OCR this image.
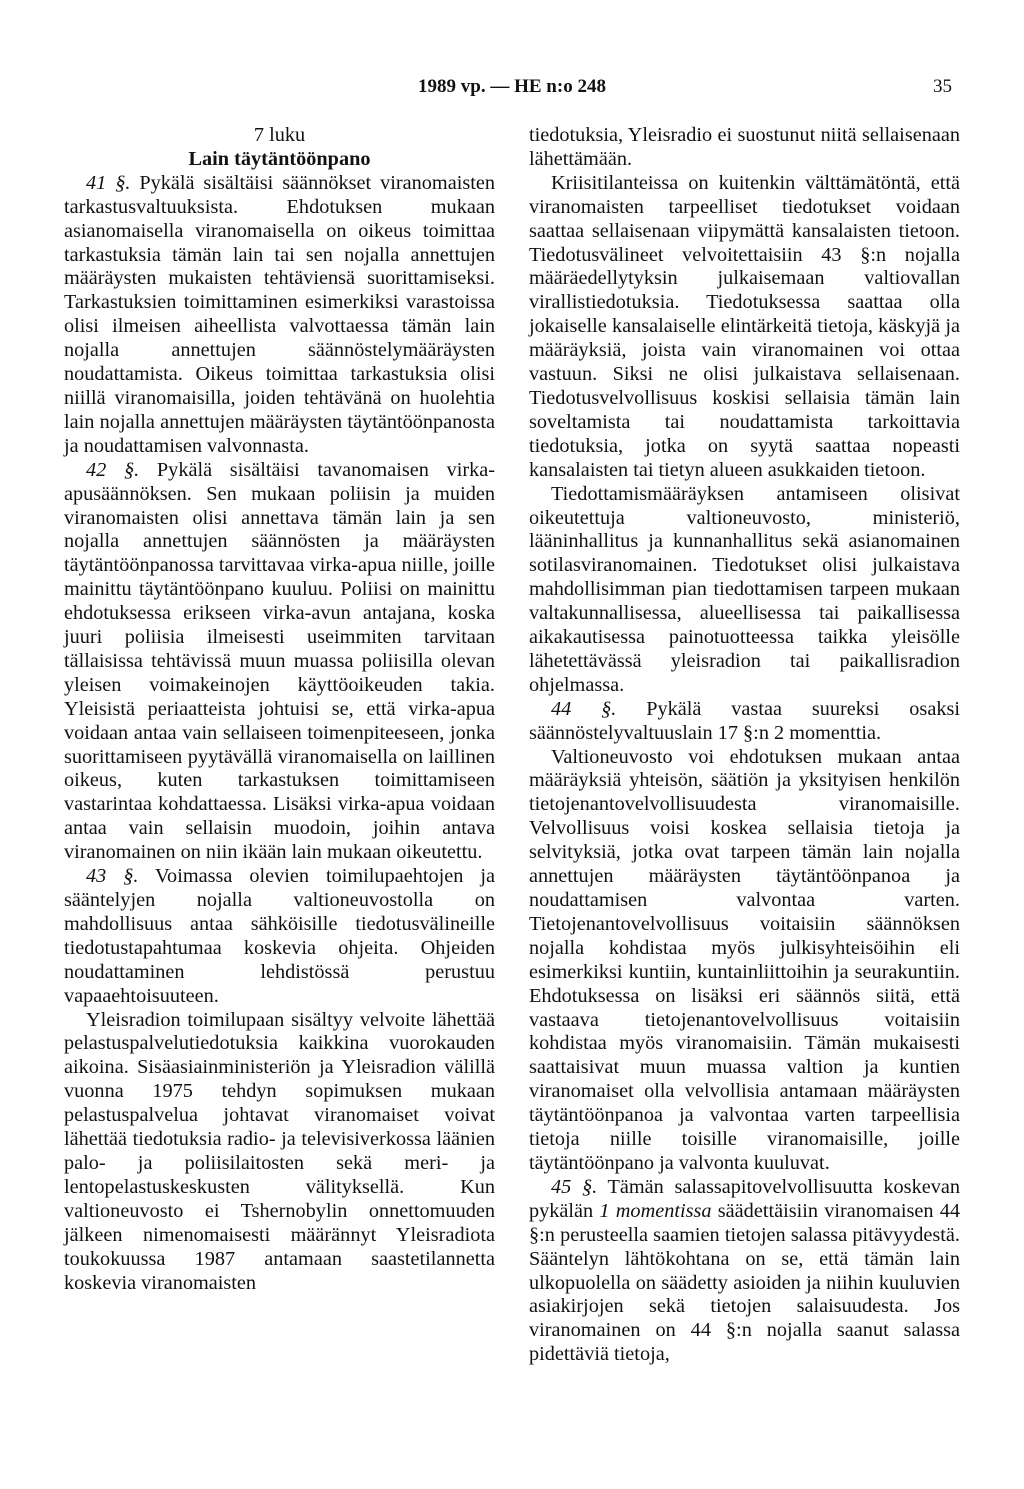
1989 vp. — HE n:o 248	35

7 luku

Lain täytäntöönpano

41 §. Pykälä sisältäisi säännökset viranomaisten tarkastusvaltuuksista. Ehdotuksen mukaan asianomaisella viranomaisella on oikeus toimittaa tarkastuksia tämän lain tai sen nojalla annettujen määräysten mukaisten tehtäviensä suorittamiseksi. Tarkastuksien toimittaminen esimerkiksi varastoissa olisi ilmeisen aiheellista valvottaessa tämän lain nojalla annettujen säännöstelymääräysten noudattamista. Oikeus toimittaa tarkastuksia olisi niillä viranomaisilla, joiden tehtävänä on huolehtia lain nojalla annettujen määräysten täytäntöönpanosta ja noudattamisen valvonnasta.

42 §. Pykälä sisältäisi tavanomaisen virka-apusäännöksen. Sen mukaan poliisin ja muiden viranomaisten olisi annettava tämän lain ja sen nojalla annettujen säännösten ja määräysten täytäntöönpanossa tarvittavaa virka-apua niille, joille mainittu täytäntöönpano kuuluu. Poliisi on mainittu ehdotuksessa erikseen virka-avun antajana, koska juuri poliisia ilmeisesti useimmiten tarvitaan tällaisissa tehtävissä muun muassa poliisilla olevan yleisen voimakeinojen käyttöoikeuden takia. Yleisistä periaatteista johtuisi se, että virka-apua voidaan antaa vain sellaiseen toimenpiteeseen, jonka suorittamiseen pyytävällä viranomaisella on laillinen oikeus, kuten tarkastuksen toimittamiseen vastarintaa kohdattaessa. Lisäksi virka-apua voidaan antaa vain sellaisin muodoin, joihin antava viranomainen on niin ikään lain mukaan oikeutettu.

43 §. Voimassa olevien toimilupaehtojen ja sääntelyjen nojalla valtioneuvostolla on mahdollisuus antaa sähköisille tiedotusvälineille tiedotustapahtumaa koskevia ohjeita. Ohjeiden noudattaminen lehdistössä perustuu vapaaehtoisuuteen.

Yleisradion toimilupaan sisältyy velvoite lähettää pelastuspalvelutiedotuksia kaikkina vuorokauden aikoina. Sisäasiainministeriön ja Yleisradion välillä vuonna 1975 tehdyn sopimuksen mukaan pelastuspalvelua johtavat viranomaiset voivat lähettää tiedotuksia radio- ja televisiverkossa läänien palo- ja poliisilaitosten sekä meri- ja lentopelastuskeskusten välityksellä. Kun valtioneuvosto ei Tshernobylin onnettomuuden jälkeen nimenomaisesti määrännyt Yleisradiota toukokuussa 1987 antamaan saastetilannetta koskevia viranomaisten

tiedotuksia, Yleisradio ei suostunut niitä sellaisenaan lähettämään.

Kriisitilanteissa on kuitenkin välttämätöntä, että viranomaisten tarpeelliset tiedotukset voidaan saattaa sellaisenaan viipymättä kansalaisten tietoon. Tiedotusvälineet velvoitettaisiin 43 §:n nojalla määräedellytyksin julkaisemaan valtiovallan virallistiedotuksia. Tiedotuksessa saattaa olla jokaiselle kansalaiselle elintärkeitä tietoja, käskyjä ja määräyksiä, joista vain viranomainen voi ottaa vastuun. Siksi ne olisi julkaistava sellaisenaan. Tiedotusvelvollisuus koskisi sellaisia tämän lain soveltamista tai noudattamista tarkoittavia tiedotuksia, jotka on syytä saattaa nopeasti kansalaisten tai tietyn alueen asukkaiden tietoon.

Tiedottamismääräyksen antamiseen olisivat oikeutettuja valtioneuvosto, ministeriö, lääninhallitus ja kunnanhallitus sekä asianomainen sotilasviranomainen. Tiedotukset olisi julkaistava mahdollisimman pian tiedottamisen tarpeen mukaan valtakunnallisessa, alueellisessa tai paikallisessa aikakautisessa painotuotteessa taikka yleisölle lähetettävässä yleisradion tai paikallisradion ohjelmassa.

44 §. Pykälä vastaa suureksi osaksi säännöstelyvaltuuslain 17 §:n 2 momenttia.

Valtioneuvosto voi ehdotuksen mukaan antaa määräyksiä yhteisön, säätiön ja yksityisen henkilön tietojenantovelvollisuudesta viranomaisille. Velvollisuus voisi koskea sellaisia tietoja ja selvityksiä, jotka ovat tarpeen tämän lain nojalla annettujen määräysten täytäntöönpanoa ja noudattamisen valvontaa varten. Tietojenantovelvollisuus voitaisiin säännöksen nojalla kohdistaa myös julkisyhteisöihin eli esimerkiksi kuntiin, kuntainliittoihin ja seurakuntiin. Ehdotuksessa on lisäksi eri säännös siitä, että vastaava tietojenantovelvollisuus voitaisiin kohdistaa myös viranomaisiin. Tämän mukaisesti saattaisivat muun muassa valtion ja kuntien viranomaiset olla velvollisia antamaan määräysten täytäntöönpanoa ja valvontaa varten tarpeellisia tietoja niille toisille viranomaisille, joille täytäntöönpano ja valvonta kuuluvat.

45 §. Tämän salassapitovelvollisuutta koskevan pykälän 1 momentissa säädettäisiin viranomaisen 44 §:n perusteella saamien tietojen salassa pitävyydestä. Sääntelyn lähtökohtana on se, että tämän lain ulkopuolella on säädetty asioiden ja niihin kuuluvien asiakirjojen sekä tietojen salaisuudesta. Jos viranomainen on 44 §:n nojalla saanut salassa pidettäviä tietoja,
